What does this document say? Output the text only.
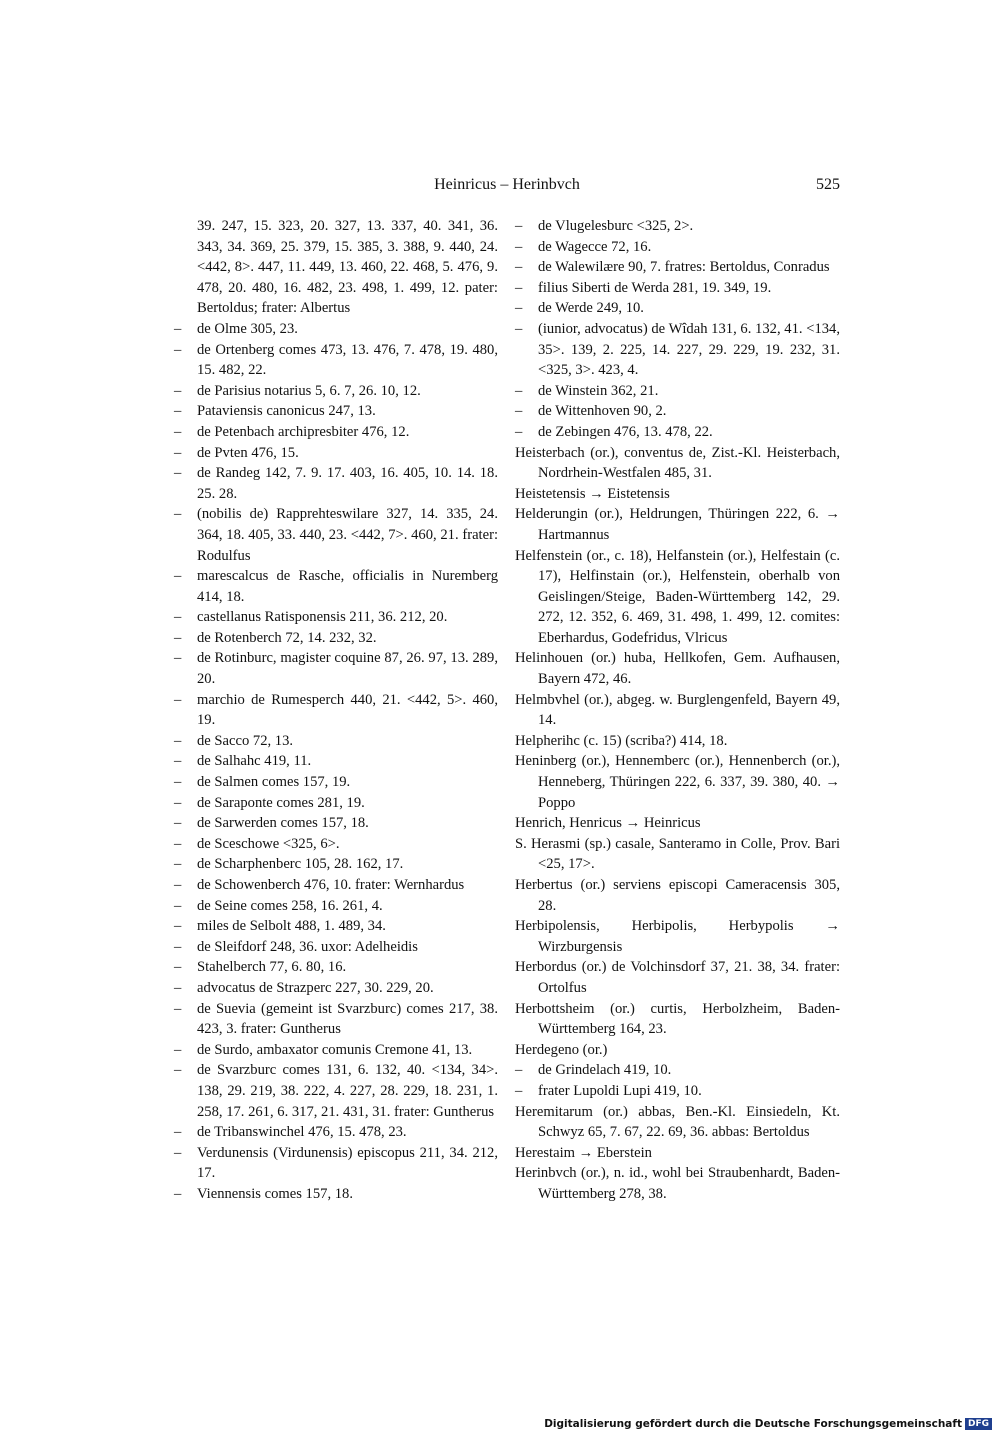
Heinricus – Herinbvch	525
39. 247, 15. 323, 20. 327, 13. 337, 40. 341, 36. 343, 34. 369, 25. 379, 15. 385, 3. 388, 9. 440, 24. <442, 8>. 447, 11. 449, 13. 460, 22. 468, 5. 476, 9. 478, 20. 480, 16. 482, 23. 498, 1. 499, 12. pater: Bertoldus; frater: Albertus
– de Olme 305, 23.
– de Ortenberg comes 473, 13. 476, 7. 478, 19. 480, 15. 482, 22.
– de Parisius notarius 5, 6. 7, 26. 10, 12.
– Pataviensis canonicus 247, 13.
– de Petenbach archipresbiter 476, 12.
– de Pvten 476, 15.
– de Randeg 142, 7. 9. 17. 403, 16. 405, 10. 14. 18. 25. 28.
– (nobilis de) Rapprehteswilare 327, 14. 335, 24. 364, 18. 405, 33. 440, 23. <442, 7>. 460, 21. frater: Rodulfus
– marescalcus de Rasche, officialis in Nuremberg 414, 18.
– castellanus Ratisponensis 211, 36. 212, 20.
– de Rotenberch 72, 14. 232, 32.
– de Rotinburc, magister coquine 87, 26. 97, 13. 289, 20.
– marchio de Rumesperch 440, 21. <442, 5>. 460, 19.
– de Sacco 72, 13.
– de Salhahc 419, 11.
– de Salmen comes 157, 19.
– de Saraponte comes 281, 19.
– de Sarwerden comes 157, 18.
– de Sceschowe <325, 6>.
– de Scharphenberc 105, 28. 162, 17.
– de Schowenberch 476, 10. frater: Wernhardus
– de Seine comes 258, 16. 261, 4.
– miles de Selbolt 488, 1. 489, 34.
– de Sleifdorf 248, 36. uxor: Adelheidis
– Stahelberch 77, 6. 80, 16.
– advocatus de Strazperc 227, 30. 229, 20.
– de Suevia (gemeint ist Svarzburc) comes 217, 38. 423, 3. frater: Guntherus
– de Surdo, ambaxator comunis Cremone 41, 13.
– de Svarzburc comes 131, 6. 132, 40. <134, 34>. 138, 29. 219, 38. 222, 4. 227, 28. 229, 18. 231, 1. 258, 17. 261, 6. 317, 21. 431, 31. frater: Guntherus
– de Tribanswinchel 476, 15. 478, 23.
– Verdunensis (Virdunensis) episcopus 211, 34. 212, 17.
– Viennensis comes 157, 18.
– de Vlugelesburc <325, 2>.
– de Wagecce 72, 16.
– de Walewilære 90, 7. fratres: Bertoldus, Conradus
– filius Siberti de Werda 281, 19. 349, 19.
– de Werde 249, 10.
– (iunior, advocatus) de Wîdah 131, 6. 132, 41. <134, 35>. 139, 2. 225, 14. 227, 29. 229, 19. 232, 31. <325, 3>. 423, 4.
– de Winstein 362, 21.
– de Wittenhoven 90, 2.
– de Zebingen 476, 13. 478, 22.
Heisterbach (or.), conventus de, Zist.-Kl. Heisterbach, Nordrhein-Westfalen 485, 31.
Heistetensis → Eistetensis
Helderungin (or.), Heldrungen, Thüringen 222, 6. → Hartmannus
Helfenstein (or., c. 18), Helfanstein (or.), Helfestain (c. 17), Helfinstain (or.), Helfenstein, oberhalb von Geislingen/Steige, Baden-Württemberg 142, 29. 272, 12. 352, 6. 469, 31. 498, 1. 499, 12. comites: Eberhardus, Godefridus, Vlricus
Helinhouen (or.) huba, Hellkofen, Gem. Aufhausen, Bayern 472, 46.
Helmbvhel (or.), abgeg. w. Burglengenfeld, Bayern 49, 14.
Helpherihc (c. 15) (scriba?) 414, 18.
Heninberg (or.), Hennemberc (or.), Hennenberch (or.), Henneberg, Thüringen 222, 6. 337, 39. 380, 40. → Poppo
Henrich, Henricus → Heinricus
S. Herasmi (sp.) casale, Santeramo in Colle, Prov. Bari <25, 17>.
Herbertus (or.) serviens episcopi Cameracensis 305, 28.
Herbipolensis, Herbipolis, Herbypolis → Wirzburgensis
Herbordus (or.) de Volchinsdorf 37, 21. 38, 34. frater: Ortolfus
Herbottsheim (or.) curtis, Herbolzheim, Baden-Württemberg 164, 23.
Herdegeno (or.)
– de Grindelach 419, 10.
– frater Lupoldi Lupi 419, 10.
Heremitarum (or.) abbas, Ben.-Kl. Einsiedeln, Kt. Schwyz 65, 7. 67, 22. 69, 36. abbas: Bertoldus
Herestaim → Eberstein
Herinbvch (or.), n. id., wohl bei Straubenhardt, Baden-Württemberg 278, 38.
Digitalisierung gefördert durch die Deutsche Forschungsgemeinschaft DFG
